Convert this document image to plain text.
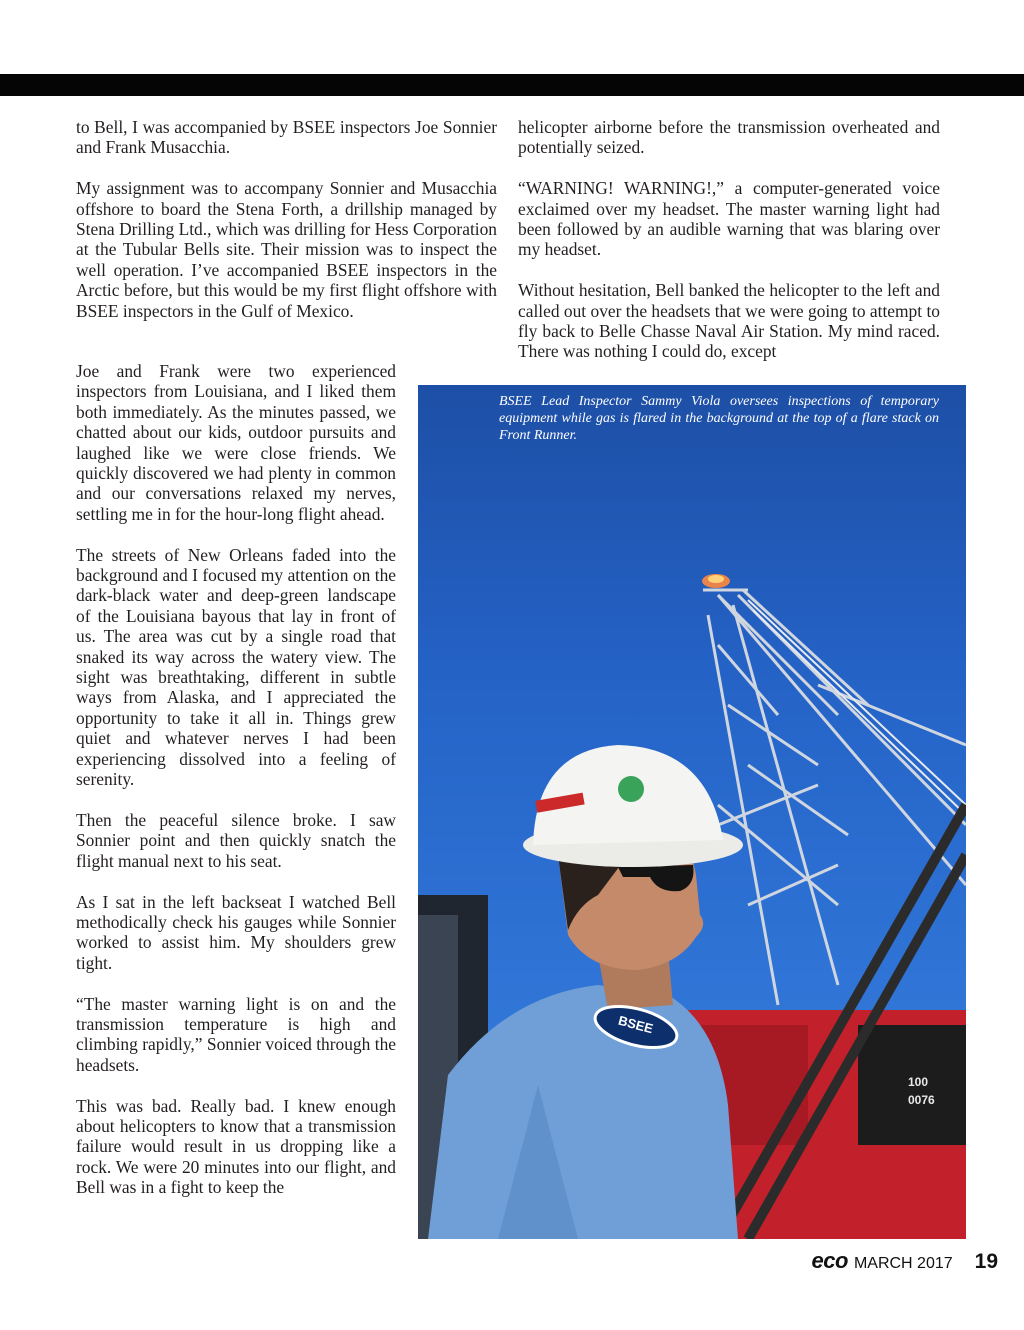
to Bell, I was accompanied by BSEE inspectors Joe Sonnier and Frank Musacchia.

My assignment was to accompany Sonnier and Musacchia offshore to board the Stena Forth, a drillship managed by Stena Drilling Ltd., which was drilling for Hess Corporation at the Tubular Bells site. Their mission was to inspect the well operation. I’ve accompanied BSEE inspectors in the Arctic before, but this would be my first flight offshore with BSEE inspectors in the Gulf of Mexico.

Joe and Frank were two experienced inspectors from Louisiana, and I liked them both immediately. As the minutes passed, we chatted about our kids, outdoor pursuits and laughed like we were close friends. We quickly discovered we had plenty in common and our conversations relaxed my nerves, settling me in for the hour-long flight ahead.

The streets of New Orleans faded into the background and I focused my attention on the dark-black water and deep-green landscape of the Louisiana bayous that lay in front of us. The area was cut by a single road that snaked its way across the watery view. The sight was breathtaking, different in subtle ways from Alaska, and I appreciated the opportunity to take it all in. Things grew quiet and whatever nerves I had been experiencing dissolved into a feeling of serenity.

Then the peaceful silence broke. I saw Sonnier point and then quickly snatch the flight manual next to his seat.

As I sat in the left backseat I watched Bell methodically check his gauges while Sonnier worked to assist him. My shoulders grew tight.

“The master warning light is on and the transmission temperature is high and climbing rapidly,” Sonnier voiced through the headsets.

This was bad. Really bad. I knew enough about helicopters to know that a transmission failure would result in us dropping like a rock. We were 20 minutes into our flight, and Bell was in a fight to keep the

helicopter airborne before the transmission overheated and potentially seized.

“WARNING! WARNING!,” a computer-generated voice exclaimed over my headset. The master warning light had been followed by an audible warning that was blaring over my headset.

Without hesitation, Bell banked the helicopter to the left and called out over the headsets that we were going to attempt to fly back to Belle Chasse Naval Air Station. My mind raced. There was nothing I could do, except

BSEE
100
0076
BSEE Lead Inspector Sammy Viola oversees inspections of temporary equipment while gas is flared in the background at the top of a flare stack on Front Runner.
eco MARCH 2017 19
